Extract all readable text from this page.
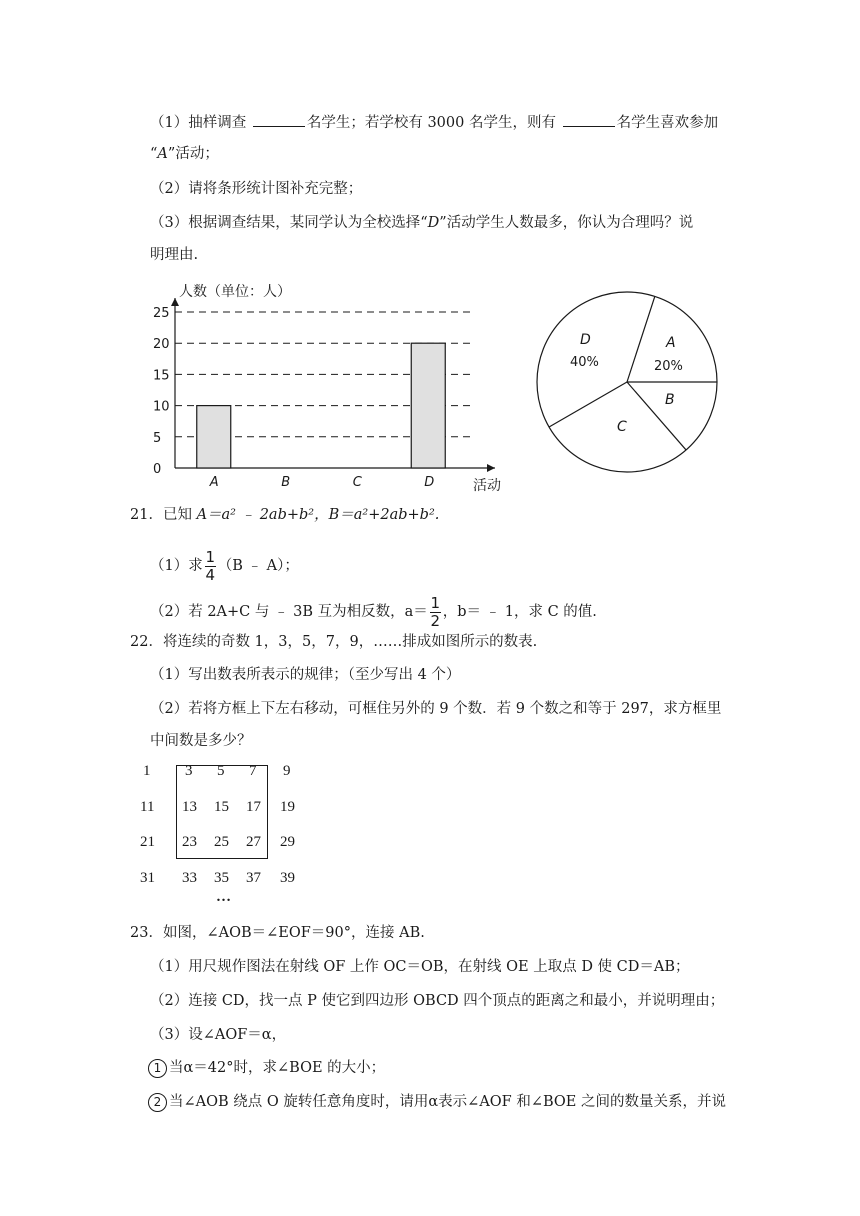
（1）抽样调查	名学生；若学校有 3000 名学生，则有	名学生喜欢参加
“A”活动；
（2）请将条形统计图补充完整；
（3）根据调查结果，某同学认为全校选择“D”活动学生人数最多，你认为合理吗？说
明理由.
人数（单位：人）
活动
0
5
10
15
20
25
A	B	C	D
A
20%
B
C
D
40%
21．已知 A＝a² ﹣ 2ab+b²，B＝a²+2ab+b².
（1）求 $\frac{1}{4} (B$ ﹣ A）；
（2）若 2A+C 与 ﹣ 3B 互为相反数，$a= \frac{1}{2}$ ，b＝ ﹣ 1，求 C 的值.
22．将连续的奇数 1，3，5，7，9，……排成如图所示的数表.
（1）写出数表所表示的规律；（至少写出 4 个）
（2）若将方框上下左右移动，可框住另外的 9 个数．若 9 个数之和等于 297，求方框里
中间数是多少？
1	3	5	7	9
11	13	15	17	19
21	23	25	27	29
31	33	35	37	39
…
23．如图，∠AOB＝∠EOF＝90°，连接 AB.
（1）用尺规作图法在射线 OF 上作 OC＝OB，在射线 OE 上取点 D 使 CD＝AB；
（2）连接 CD，找一点 P 使它到四边形 OBCD 四个顶点的距离之和最小，并说明理由；
（3）设∠AOF＝α，
1 当α＝42°时，求∠BOE 的大小；
2 当∠AOB 绕点 O 旋转任意角度时，请用α表示∠AOF 和∠BOE 之间的数量关系，并说
